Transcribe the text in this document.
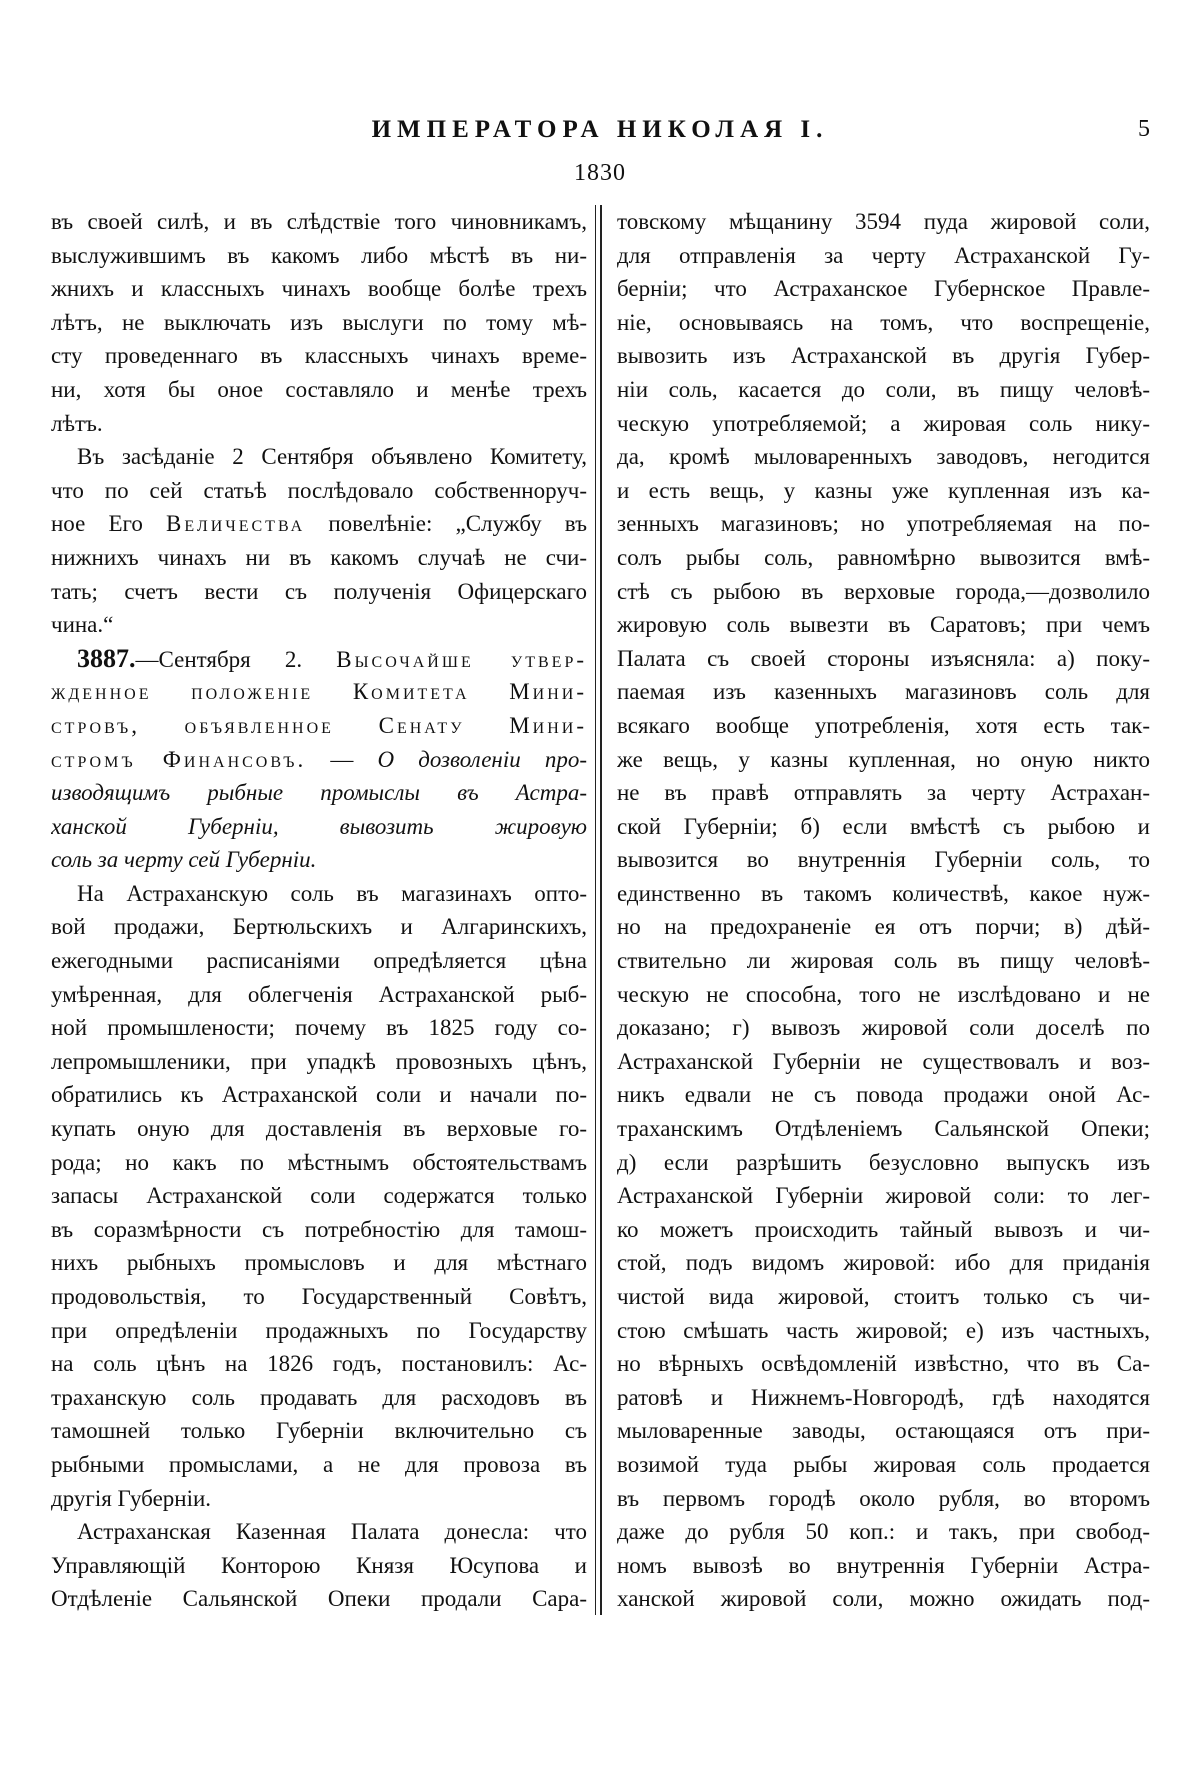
ИМПЕРАТОРА НИКОЛАЯ I.	5
1830
въ своей силѣ, и въ слѣдствіе того чиновникамъ,
выслужившимъ въ какомъ либо мѣстѣ въ ни-
жнихъ и классныхъ чинахъ вообще болѣе трехъ
лѣтъ, не выключать изъ выслуги по тому мѣ-
сту проведеннаго въ классныхъ чинахъ време-
ни, хотя бы оное составляло и менѣе трехъ
лѣтъ.
Въ засѣданіе 2 Сентября объявлено Комитету,
что по сей статьѣ послѣдовало собственноруч-
ное Его Величества повелѣніе: „Службу въ
нижнихъ чинахъ ни въ какомъ случаѣ не счи-
тать; счетъ вести съ полученія Офицерскаго
чина.“
3887.—Сентября 2. Высочайше утвер-
жденное положеніе Комитета Мини-
стровъ, объявленное Сенату Мини-
стромъ Финансовъ. — О дозволеніи про-
изводящимъ рыбные промыслы въ Астра-
ханской Губерніи, вывозить жировую
соль за черту сей Губерніи.
На Астраханскую соль въ магазинахъ опто-
вой продажи, Бертюльскихъ и Алгаринскихъ,
ежегодными расписаніями опредѣляется цѣна
умѣренная, для облегченія Астраханской рыб-
ной промышлености; почему въ 1825 году со-
лепромышленики, при упадкѣ провозныхъ цѣнъ,
обратились къ Астраханской соли и начали по-
купать оную для доставленія въ верховые го-
рода; но какъ по мѣстнымъ обстоятельствамъ
запасы Астраханской соли содержатся только
въ соразмѣрности съ потребностію для тамош-
нихъ рыбныхъ промысловъ и для мѣстнаго
продовольствія, то Государственный Совѣтъ,
при опредѣленіи продажныхъ по Государству
на соль цѣнъ на 1826 годъ, постановилъ: Ас-
траханскую соль продавать для расходовъ въ
тамошней только Губерніи включительно съ
рыбными промыслами, а не для провоза въ
другія Губерніи.
Астраханская Казенная Палата донесла: что
Управляющій Конторою Князя Юсупова и
Отдѣленіе Сальянской Опеки продали Сара-
товскому мѣщанину 3594 пуда жировой соли,
для отправленія за черту Астраханской Гу-
берніи; что Астраханское Губернское Правле-
ніе, основываясь на томъ, что воспрещеніе,
вывозить изъ Астраханской въ другія Губер-
ніи соль, касается до соли, въ пищу человѣ-
ческую употребляемой; а жировая соль нику-
да, кромѣ мыловаренныхъ заводовъ, негодится
и есть вещь, у казны уже купленная изъ ка-
зенныхъ магазиновъ; но употребляемая на по-
солъ рыбы соль, равномѣрно вывозится вмѣ-
стѣ съ рыбою въ верховые города,—дозволило
жировую соль вывезти въ Саратовъ; при чемъ
Палата съ своей стороны изъясняла: а) поку-
паемая изъ казенныхъ магазиновъ соль для
всякаго вообще употребленія, хотя есть так-
же вещь, у казны купленная, но оную никто
не въ правѣ отправлять за черту Астрахан-
ской Губерніи; б) если вмѣстѣ съ рыбою и
вывозится во внутреннія Губерніи соль, то
единственно въ такомъ количествѣ, какое нуж-
но на предохраненіе ея отъ порчи; в) дѣй-
ствительно ли жировая соль въ пищу человѣ-
ческую не способна, того не изслѣдовано и не
доказано; г) вывозъ жировой соли доселѣ по
Астраханской Губерніи не существовалъ и воз-
никъ едвали не съ повода продажи оной Ас-
траханскимъ Отдѣленіемъ Сальянской Опеки;
д) если разрѣшить безусловно выпускъ изъ
Астраханской Губерніи жировой соли: то лег-
ко можетъ происходить тайный вывозъ и чи-
стой, подъ видомъ жировой: ибо для приданія
чистой вида жировой, стоитъ только съ чи-
стою смѣшать часть жировой; е) изъ частныхъ,
но вѣрныхъ освѣдомленій извѣстно, что въ Са-
ратовѣ и Нижнемъ-Новгородѣ, гдѣ находятся
мыловаренные заводы, остающаяся отъ при-
возимой туда рыбы жировая соль продается
въ первомъ городѣ около рубля, во второмъ
даже до рубля 50 коп.: и такъ, при свобод-
номъ вывозѣ во внутреннія Губерніи Астра-
ханской жировой соли, можно ожидать под-
